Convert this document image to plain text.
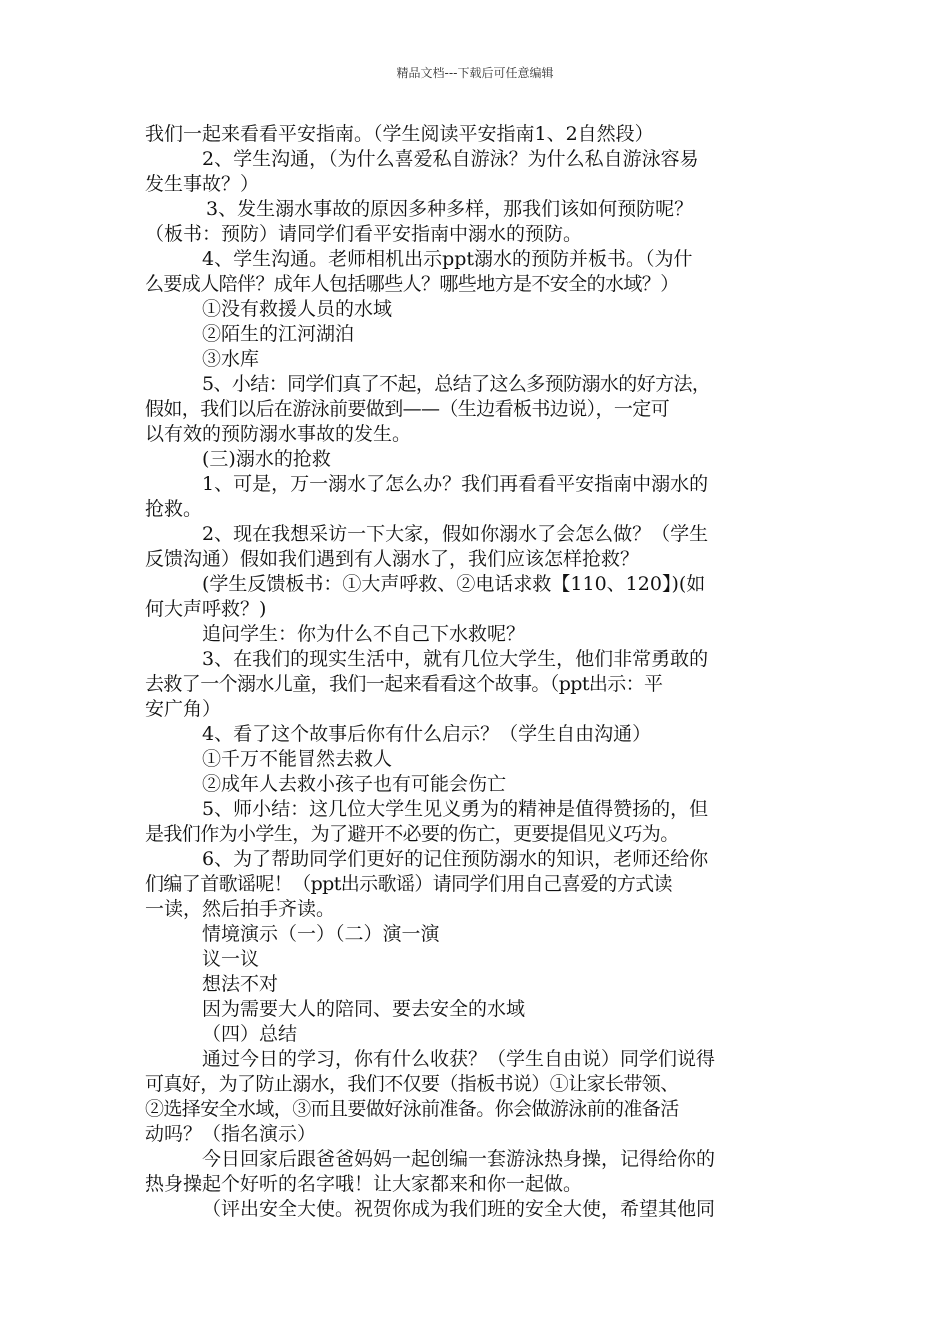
精品文档---下载后可任意编辑
我们一起来看看平安指南。（学生阅读平安指南1、2自然段）
2、学生沟通，（为什么喜爱私自游泳？为什么私自游泳容易
发生事故？）
3、发生溺水事故的原因多种多样，那我们该如何预防呢？
（板书：预防）请同学们看平安指南中溺水的预防。
4、学生沟通。老师相机出示ppt溺水的预防并板书。（为什
么要成人陪伴？成年人包括哪些人？哪些地方是不安全的水域？）
①没有救援人员的水域
②陌生的江河湖泊
③水库
5、小结：同学们真了不起，总结了这么多预防溺水的好方法，
假如，我们以后在游泳前要做到——（生边看板书边说），一定可
以有效的预防溺水事故的发生。
(三)溺水的抢救
1、可是，万一溺水了怎么办？我们再看看平安指南中溺水的
抢救。
2、现在我想采访一下大家，假如你溺水了会怎么做？（学生
反馈沟通）假如我们遇到有人溺水了，我们应该怎样抢救？
(学生反馈板书：①大声呼救、②电话求救【110、120】)(如
何大声呼救？)
追问学生：你为什么不自己下水救呢？
3、在我们的现实生活中，就有几位大学生，他们非常勇敢的
去救了一个溺水儿童，我们一起来看看这个故事。（ppt出示：平
安广角）
4、看了这个故事后你有什么启示？（学生自由沟通）
①千万不能冒然去救人
②成年人去救小孩子也有可能会伤亡
5、师小结：这几位大学生见义勇为的精神是值得赞扬的，但
是我们作为小学生，为了避开不必要的伤亡，更要提倡见义巧为。
6、为了帮助同学们更好的记住预防溺水的知识，老师还给你
们编了首歌谣呢！（ppt出示歌谣）请同学们用自己喜爱的方式读
一读，然后拍手齐读。
情境演示（一）（二）演一演
议一议
想法不对
因为需要大人的陪同、要去安全的水域
（四）总结
通过今日的学习，你有什么收获？（学生自由说）同学们说得
可真好，为了防止溺水，我们不仅要（指板书说）①让家长带领、
②选择安全水域，③而且要做好泳前准备。你会做游泳前的准备活
动吗？（指名演示）
今日回家后跟爸爸妈妈一起创编一套游泳热身操，记得给你的
热身操起个好听的名字哦！让大家都来和你一起做。
（评出安全大使。祝贺你成为我们班的安全大使，希望其他同
